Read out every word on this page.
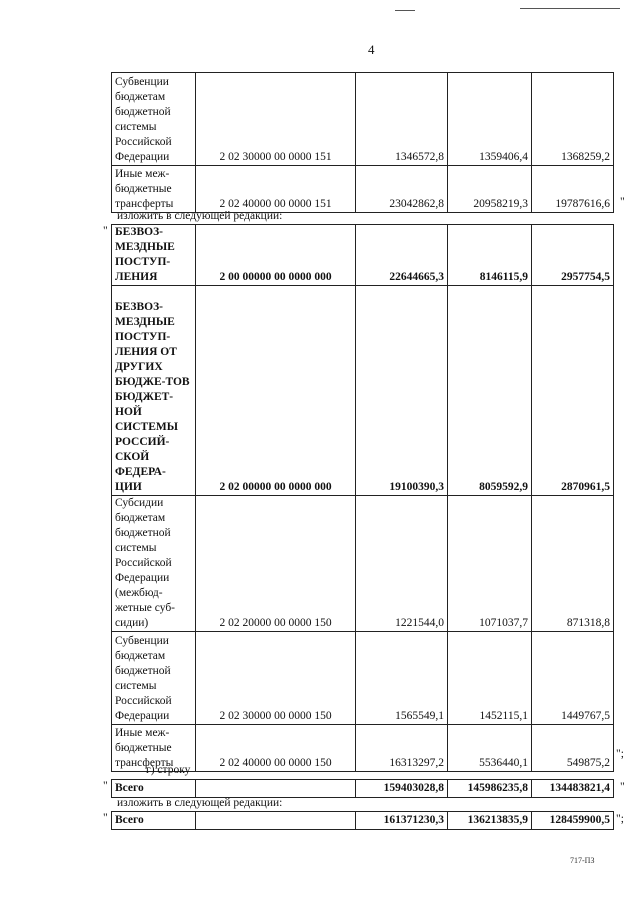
4
Субвенции бюджетам бюджетной системы Российской Федерации	2 02 30000 00 0000 151	1346572,8	1359406,4	1368259,2
Иные меж-бюджетные трансферты	2 02 40000 00 0000 151	23042862,8	20958219,3	19787616,6 "
изложить в следующей редакции:
" БЕЗВОЗ-МЕЗДНЫЕ ПОСТУП-ЛЕНИЯ	2 00 00000 00 0000 000	22644665,3	8146115,9	2957754,5
БЕЗВОЗ-МЕЗДНЫЕ ПОСТУП-ЛЕНИЯ ОТ ДРУГИХ БЮДЖЕ-ТОВ БЮДЖЕТ-НОЙ СИСТЕМЫ РОССИЙ-СКОЙ ФЕДЕРА-ЦИИ	2 02 00000 00 0000 000	19100390,3	8059592,9	2870961,5
Субсидии бюджетам бюджетной системы Российской Федерации (межбюд-жетные суб-сидии)	2 02 20000 00 0000 150	1221544,0	1071037,7	871318,8
Субвенции бюджетам бюджетной системы Российской Федерации	2 02 30000 00 0000 150	1565549,1	1452115,1	1449767,5
Иные меж-бюджетные трансферты	2 02 40000 00 0000 150	16313297,2	5536440,1	549875,2
";
г) строку
" Всего		159403028,8	145986235,8	134483821,4 "
изложить в следующей редакции:
" Всего		161371230,3	136213835,9	128459900,5 ";
717-ПЗ
